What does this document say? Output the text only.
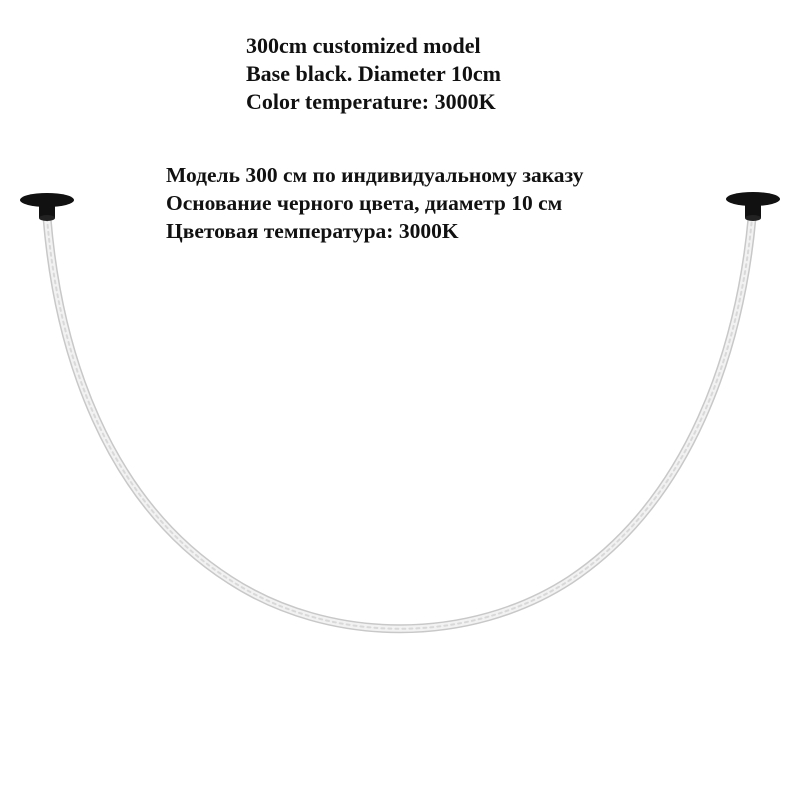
300cm customized model
Base black. Diameter 10cm
Color temperature: 3000K
Модель 300 см по индивидуальному заказу
Основание черного цвета, диаметр 10 см
Цветовая температура: 3000K
